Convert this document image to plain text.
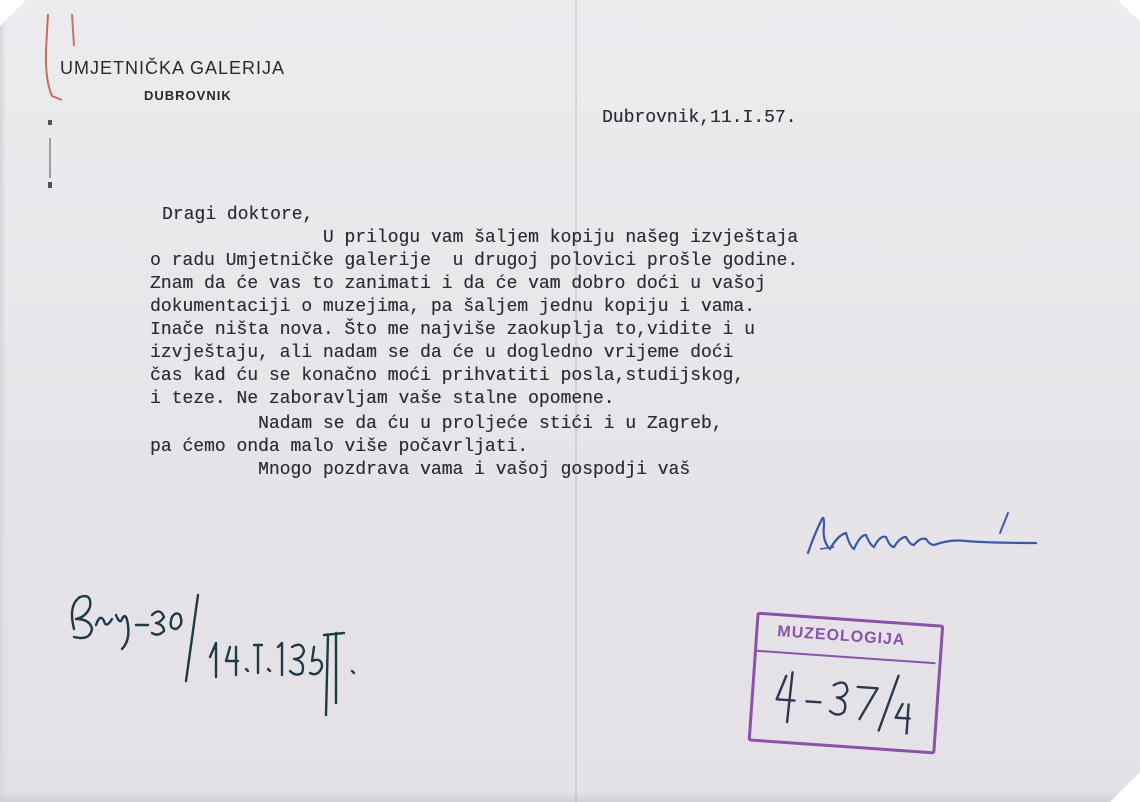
UMJETNIČKA GALERIJA
DUBROVNIK
Dubrovnik,11.I.57.
Dragi doktore,
U prilogu vam šaljem kopiju našeg izvještaja
o radu Umjetničke galerije  u drugoj polovici prošle godine.
Znam da će vas to zanimati i da će vam dobro doći u vašoj
dokumentaciji o muzejima, pa šaljem jednu kopiju i vama.
Inače ništa nova. Što me najviše zaokuplja to,vidite i u
izvještaju, ali nadam se da će u dogledno vrijeme doći
čas kad ću se konačno moći prihvatiti posla,studijskog,
i teze. Ne zaboravljam vaše stalne opomene.
Nadam se da ću u proljeće stići i u Zagreb,
pa ćemo onda malo više počavrljati.
Mnogo pozdrava vama i vašoj gospodji vaš
MUZEOLOGIJA
